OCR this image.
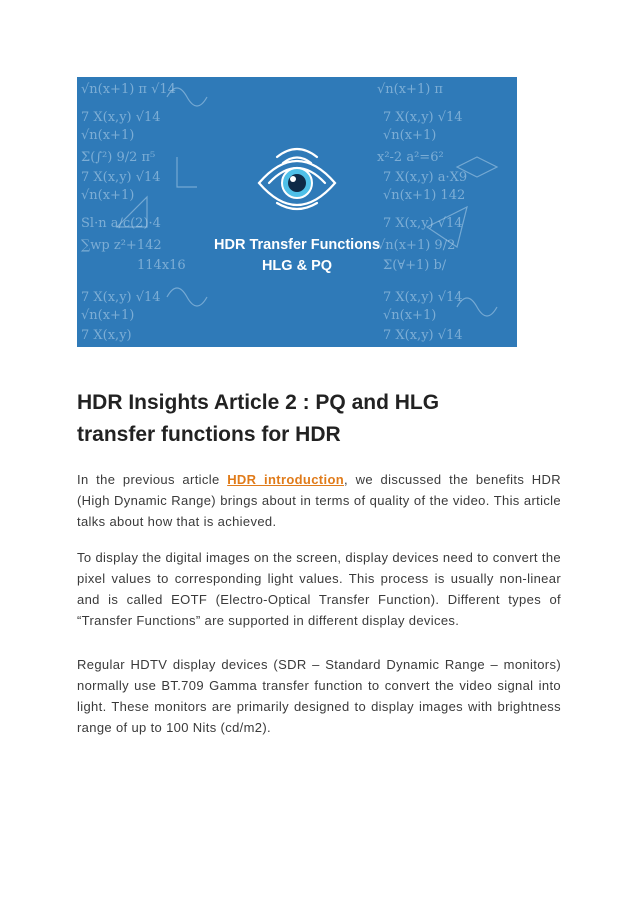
√n(x+1) π √14
7 X(x,y) √14
√n(x+1)
Σ(∫²) 9/2 π⁵
7 X(x,y) √14
√n(x+1)
Sl·n a/c(2)·4
∑wp z²+142
114x16
7 X(x,y) √14
√n(x+1)
7 X(x,y)
√n(x+1) π
7 X(x,y) √14
√n(x+1)
x²-2 a²=6²
7 X(x,y) a·X9
√n(x+1) 142
7 X(x,y) √14
√n(x+1) 9/2
Σ(∀+1) b/
7 X(x,y) √14
√n(x+1)
7 X(x,y) √14

HDR Transfer Functions

HLG & PQ

HDR Insights Article 2 : PQ and HLG
transfer functions for HDR

In the previous article HDR introduction, we discussed the benefits HDR (High Dynamic Range) brings about in terms of quality of the video. This article talks about how that is achieved.

To display the digital images on the screen, display devices need to convert the pixel values to corresponding light values. This process is usually non-linear and is called EOTF (Electro-Optical Transfer Function). Different types of “Transfer Functions” are supported in different display devices.

Regular HDTV display devices (SDR – Standard Dynamic Range – monitors) normally use BT.709 Gamma transfer function to convert the video signal into light. These monitors are primarily designed to display images with brightness range of up to 100 Nits (cd/m2).
